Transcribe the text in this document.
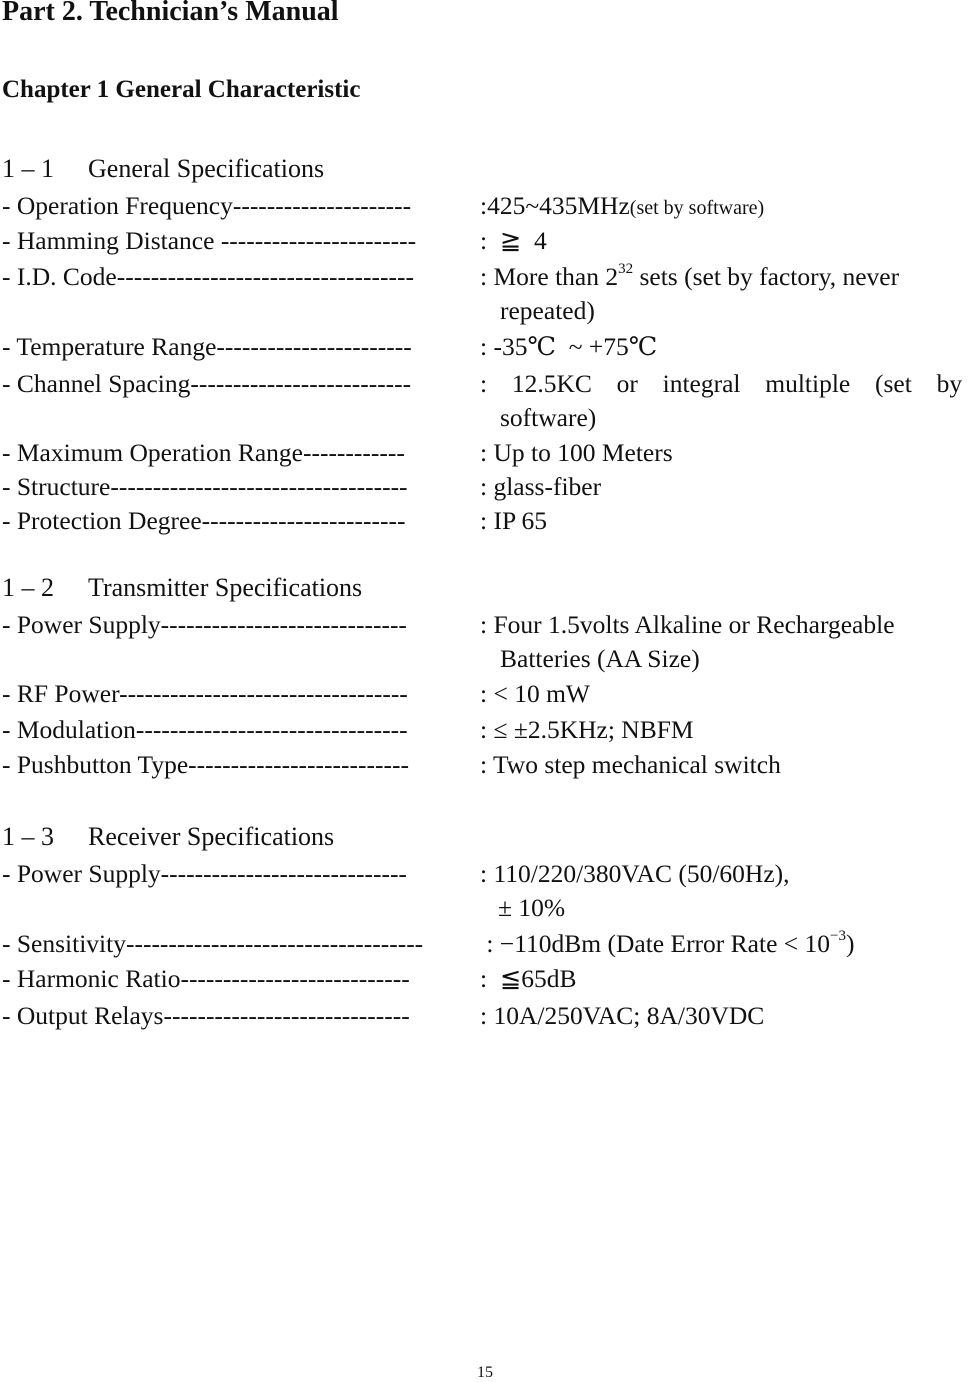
Part 2. Technician’s Manual
Chapter 1 General Characteristic
1 – 1 General Specifications
- Operation Frequency---------------------	:425~435MHz(set by software)
- Hamming Distance -----------------------	:  ≧  4
- I.D. Code-----------------------------------	: More than $2^{32}$ sets (set by factory, never
repeated)
- Temperature Range-----------------------	: -35℃  ~ +75℃
- Channel Spacing--------------------------	:  12.5KC  or  integral  multiple  (set  by
software)
- Maximum Operation Range------------	: Up to 100 Meters
- Structure-----------------------------------	: glass-fiber
- Protection Degree------------------------	: IP 65
1 – 2 Transmitter Specifications
- Power Supply-----------------------------	: Four 1.5volts Alkaline or Rechargeable
Batteries (AA Size)
- RF Power----------------------------------	: < 10 mW
- Modulation--------------------------------	: ≤ ±2.5KHz; NBFM
- Pushbutton Type--------------------------	: Two step mechanical switch
1 – 3 Receiver Specifications
- Power Supply-----------------------------	: 110/220/380VAC (50/60Hz),
± 10%
- Sensitivity-----------------------------------	: −110dBm (Date Error Rate < $10^{-3}$)
- Harmonic Ratio---------------------------	:  ≦65dB
- Output Relays-----------------------------	: 10A/250VAC; 8A/30VDC
15
